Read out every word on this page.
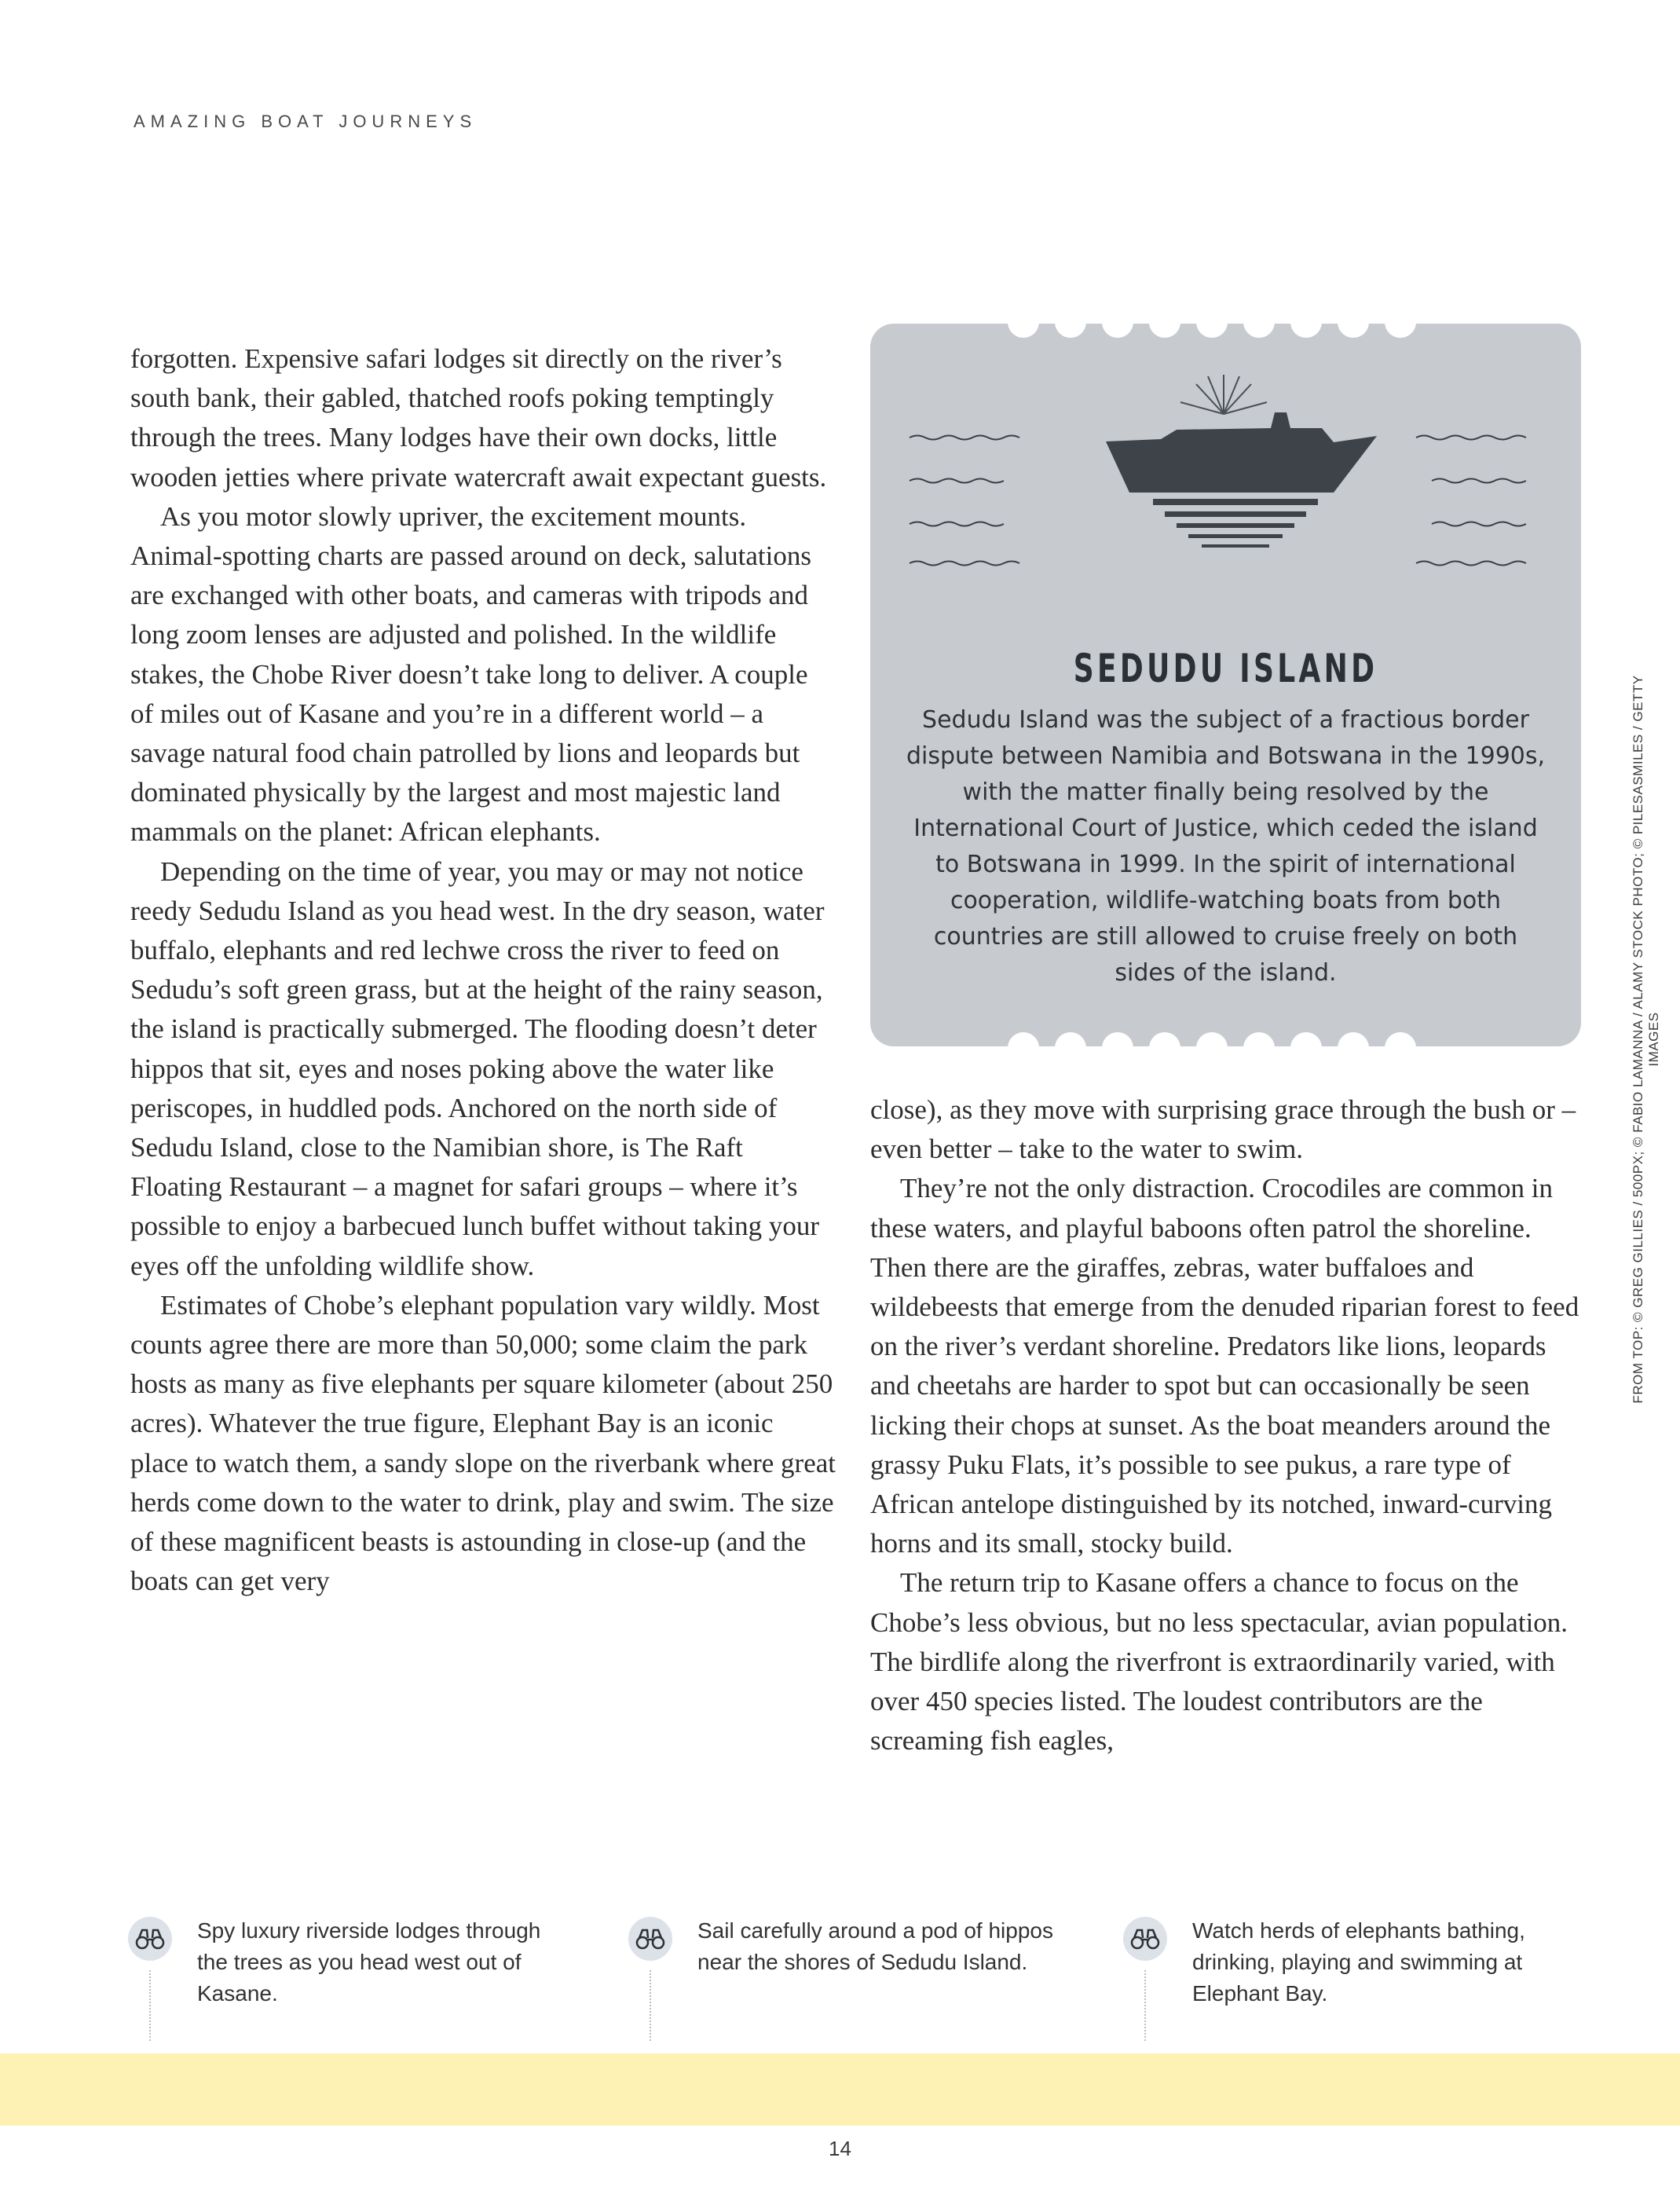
AMAZING BOAT JOURNEYS

forgotten. Expensive safari lodges sit directly on the river’s south bank, their gabled, thatched roofs poking temptingly through the trees. Many lodges have their own docks, little wooden jetties where private watercraft await expectant guests.

As you motor slowly upriver, the excitement mounts. Animal-spotting charts are passed around on deck, salutations are exchanged with other boats, and cameras with tripods and long zoom lenses are adjusted and polished. In the wildlife stakes, the Chobe River doesn’t take long to deliver. A couple of miles out of Kasane and you’re in a different world – a savage natural food chain patrolled by lions and leopards but dominated physically by the largest and most majestic land mammals on the planet: African elephants.

Depending on the time of year, you may or may not notice reedy Sedudu Island as you head west. In the dry season, water buffalo, elephants and red lechwe cross the river to feed on Sedudu’s soft green grass, but at the height of the rainy season, the island is practically submerged. The flooding doesn’t deter hippos that sit, eyes and noses poking above the water like periscopes, in huddled pods. Anchored on the north side of Sedudu Island, close to the Namibian shore, is The Raft Floating Restaurant – a magnet for safari groups – where it’s possible to enjoy a barbecued lunch buffet without taking your eyes off the unfolding wildlife show.

Estimates of Chobe’s elephant population vary wildly. Most counts agree there are more than 50,000; some claim the park hosts as many as five elephants per square kilometer (about 250 acres). Whatever the true figure, Elephant Bay is an iconic place to watch them, a sandy slope on the riverbank where great herds come down to the water to drink, play and swim. The size of these magnificent beasts is astounding in close-up (and the boats can get very

SEDUDU ISLAND
Sedudu Island was the subject of a fractious border dispute between Namibia and Botswana in the 1990s, with the matter finally being resolved by the International Court of Justice, which ceded the island to Botswana in 1999. In the spirit of international cooperation, wildlife-watching boats from both countries are still allowed to cruise freely on both sides of the island.

close), as they move with surprising grace through the bush or – even better – take to the water to swim.

They’re not the only distraction. Crocodiles are common in these waters, and playful baboons often patrol the shoreline. Then there are the giraffes, zebras, water buffaloes and wildebeests that emerge from the denuded riparian forest to feed on the river’s verdant shoreline. Predators like lions, leopards and cheetahs are harder to spot but can occasionally be seen licking their chops at sunset. As the boat meanders around the grassy Puku Flats, it’s possible to see pukus, a rare type of African antelope distinguished by its notched, inward-curving horns and its small, stocky build.

The return trip to Kasane offers a chance to focus on the Chobe’s less obvious, but no less spectacular, avian population. The birdlife along the riverfront is extraordinarily varied, with over 450 species listed. The loudest contributors are the screaming fish eagles,

FROM TOP: © GREG GILLIES / 500PX; © FABIO LAMANNA / ALAMY STOCK PHOTO; © PILESASMILES / GETTY IMAGES
Spy luxury riverside lodges through the trees as you head west out of Kasane.
Sail carefully around a pod of hippos near the shores of Sedudu Island.
Watch herds of elephants bathing, drinking, playing and swimming at Elephant Bay.
14
